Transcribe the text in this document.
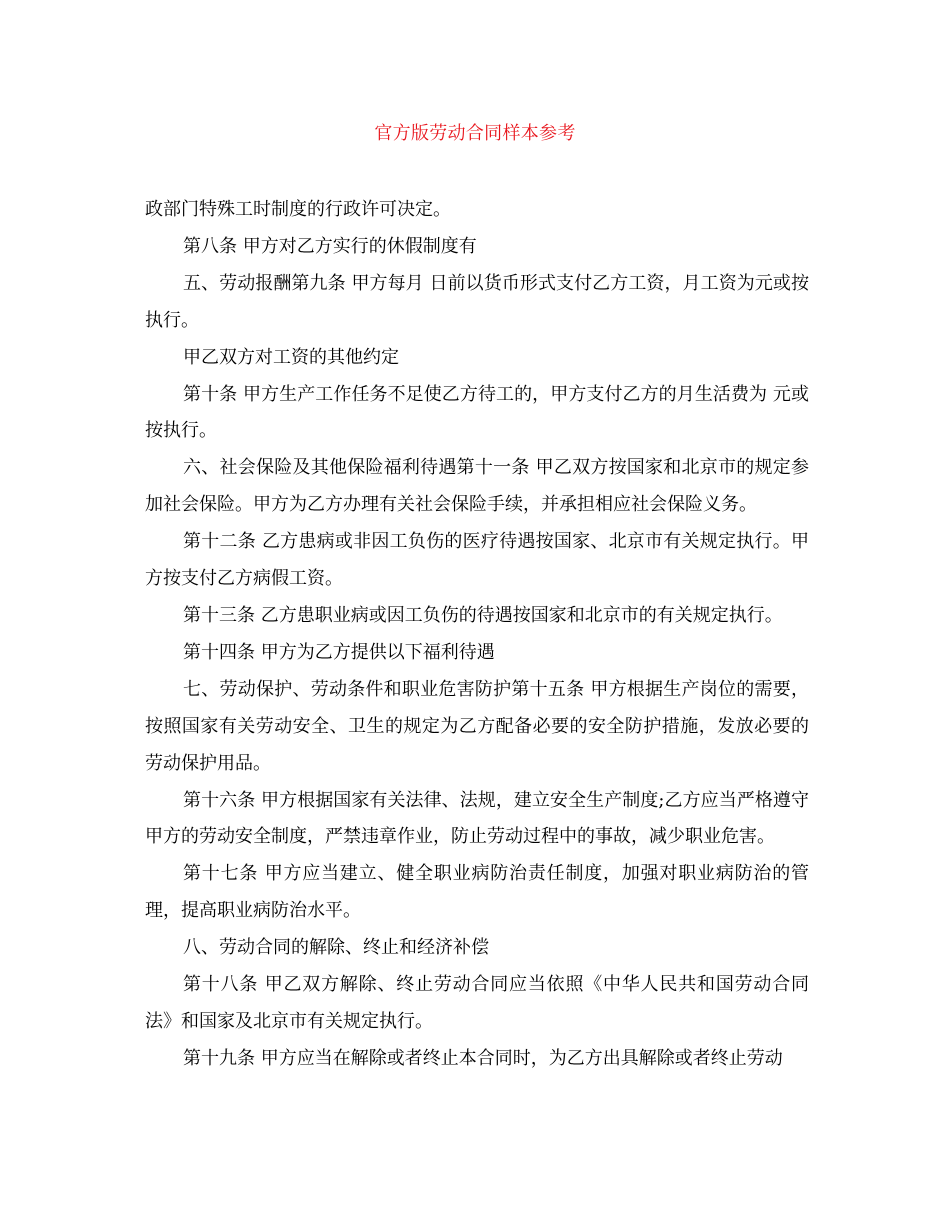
官方版劳动合同样本参考

政部门特殊工时制度的行政许可决定。

第八条 甲方对乙方实行的休假制度有

五、劳动报酬第九条 甲方每月 日前以货币形式支付乙方工资，月工资为元或按执行。

甲乙双方对工资的其他约定

第十条 甲方生产工作任务不足使乙方待工的，甲方支付乙方的月生活费为 元或按执行。

六、社会保险及其他保险福利待遇第十一条 甲乙双方按国家和北京市的规定参加社会保险。甲方为乙方办理有关社会保险手续，并承担相应社会保险义务。

第十二条 乙方患病或非因工负伤的医疗待遇按国家、北京市有关规定执行。甲方按支付乙方病假工资。

第十三条 乙方患职业病或因工负伤的待遇按国家和北京市的有关规定执行。

第十四条 甲方为乙方提供以下福利待遇

七、劳动保护、劳动条件和职业危害防护第十五条 甲方根据生产岗位的需要，按照国家有关劳动安全、卫生的规定为乙方配备必要的安全防护措施，发放必要的劳动保护用品。

第十六条 甲方根据国家有关法律、法规，建立安全生产制度;乙方应当严格遵守甲方的劳动安全制度，严禁违章作业，防止劳动过程中的事故，减少职业危害。

第十七条 甲方应当建立、健全职业病防治责任制度，加强对职业病防治的管理，提高职业病防治水平。

八、劳动合同的解除、终止和经济补偿

第十八条 甲乙双方解除、终止劳动合同应当依照《中华人民共和国劳动合同法》和国家及北京市有关规定执行。

第十九条 甲方应当在解除或者终止本合同时，为乙方出具解除或者终止劳动
